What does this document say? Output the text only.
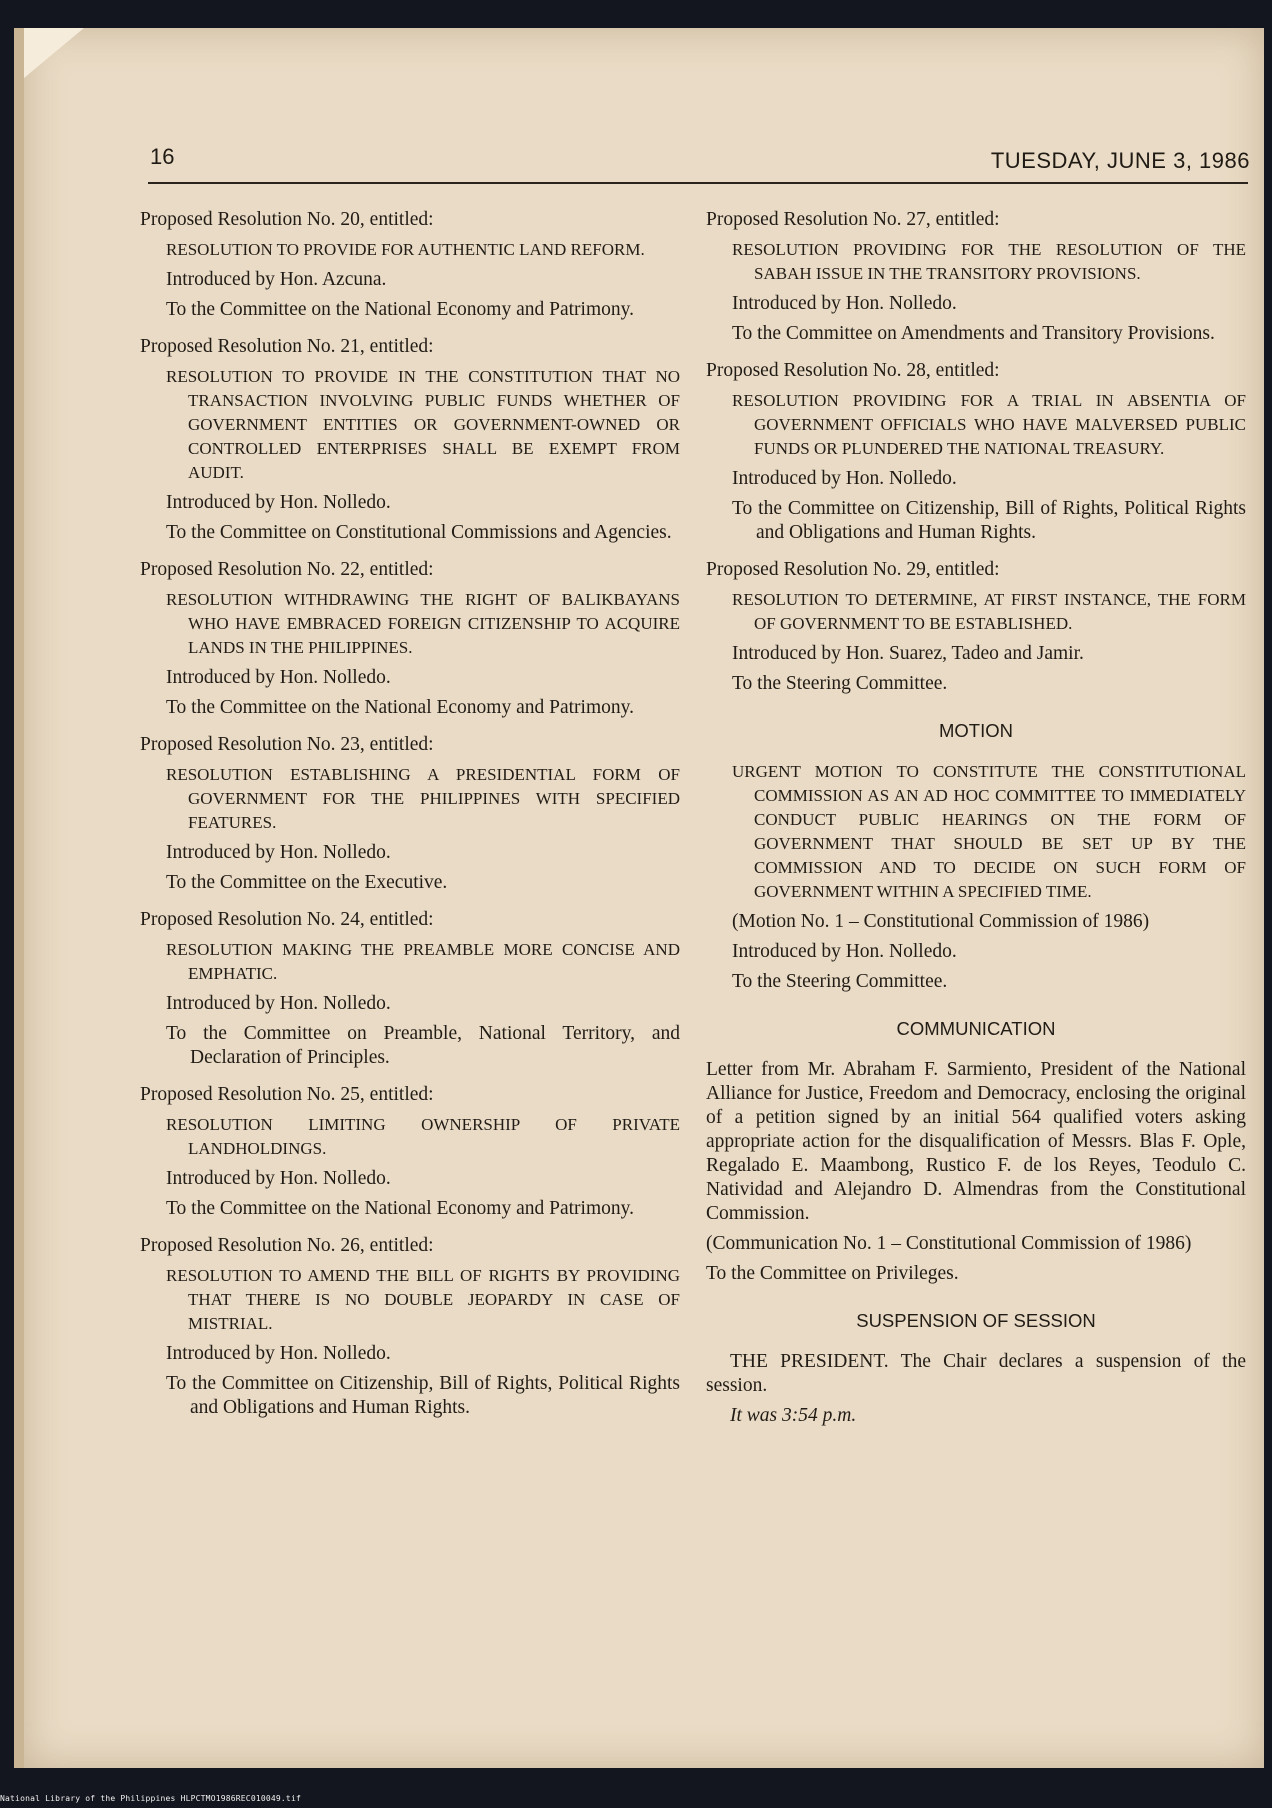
16	TUESDAY, JUNE 3, 1986

Proposed Resolution No. 20, entitled:

RESOLUTION TO PROVIDE FOR AUTHENTIC LAND REFORM.

Introduced by Hon. Azcuna.

To the Committee on the National Economy and Patrimony.

Proposed Resolution No. 21, entitled:

RESOLUTION TO PROVIDE IN THE CONSTITUTION THAT NO TRANSACTION INVOLVING PUBLIC FUNDS WHETHER OF GOVERNMENT ENTITIES OR GOVERNMENT-OWNED OR CONTROLLED ENTERPRISES SHALL BE EXEMPT FROM AUDIT.

Introduced by Hon. Nolledo.

To the Committee on Constitutional Commissions and Agencies.

Proposed Resolution No. 22, entitled:

RESOLUTION WITHDRAWING THE RIGHT OF BALIKBAYANS WHO HAVE EMBRACED FOREIGN CITIZENSHIP TO ACQUIRE LANDS IN THE PHILIPPINES.

Introduced by Hon. Nolledo.

To the Committee on the National Economy and Patrimony.

Proposed Resolution No. 23, entitled:

RESOLUTION ESTABLISHING A PRESIDENTIAL FORM OF GOVERNMENT FOR THE PHILIPPINES WITH SPECIFIED FEATURES.

Introduced by Hon. Nolledo.

To the Committee on the Executive.

Proposed Resolution No. 24, entitled:

RESOLUTION MAKING THE PREAMBLE MORE CONCISE AND EMPHATIC.

Introduced by Hon. Nolledo.

To the Committee on Preamble, National Territory, and Declaration of Principles.

Proposed Resolution No. 25, entitled:

RESOLUTION LIMITING OWNERSHIP OF PRIVATE LANDHOLDINGS.

Introduced by Hon. Nolledo.

To the Committee on the National Economy and Patrimony.

Proposed Resolution No. 26, entitled:

RESOLUTION TO AMEND THE BILL OF RIGHTS BY PROVIDING THAT THERE IS NO DOUBLE JEOPARDY IN CASE OF MISTRIAL.

Introduced by Hon. Nolledo.

To the Committee on Citizenship, Bill of Rights, Political Rights and Obligations and Human Rights.

Proposed Resolution No. 27, entitled:

RESOLUTION PROVIDING FOR THE RESOLUTION OF THE SABAH ISSUE IN THE TRANSITORY PROVISIONS.

Introduced by Hon. Nolledo.

To the Committee on Amendments and Transitory Provisions.

Proposed Resolution No. 28, entitled:

RESOLUTION PROVIDING FOR A TRIAL IN ABSENTIA OF GOVERNMENT OFFICIALS WHO HAVE MALVERSED PUBLIC FUNDS OR PLUNDERED THE NATIONAL TREASURY.

Introduced by Hon. Nolledo.

To the Committee on Citizenship, Bill of Rights, Political Rights and Obligations and Human Rights.

Proposed Resolution No. 29, entitled:

RESOLUTION TO DETERMINE, AT FIRST INSTANCE, THE FORM OF GOVERNMENT TO BE ESTABLISHED.

Introduced by Hon. Suarez, Tadeo and Jamir.

To the Steering Committee.

MOTION

URGENT MOTION TO CONSTITUTE THE CONSTITUTIONAL COMMISSION AS AN AD HOC COMMITTEE TO IMMEDIATELY CONDUCT PUBLIC HEARINGS ON THE FORM OF GOVERNMENT THAT SHOULD BE SET UP BY THE COMMISSION AND TO DECIDE ON SUCH FORM OF GOVERNMENT WITHIN A SPECIFIED TIME.

(Motion No. 1 – Constitutional Commission of 1986)

Introduced by Hon. Nolledo.

To the Steering Committee.

COMMUNICATION

Letter from Mr. Abraham F. Sarmiento, President of the National Alliance for Justice, Freedom and Democracy, enclosing the original of a petition signed by an initial 564 qualified voters asking appropriate action for the disqualification of Messrs. Blas F. Ople, Regalado E. Maambong, Rustico F. de los Reyes, Teodulo C. Natividad and Alejandro D. Almendras from the Constitutional Commission.

(Communication No. 1 – Constitutional Commission of 1986)

To the Committee on Privileges.

SUSPENSION OF SESSION

THE PRESIDENT. The Chair declares a suspension of the session.

It was 3:54 p.m.

National Library of the Philippines HLPCTMO1986REC010049.tif
